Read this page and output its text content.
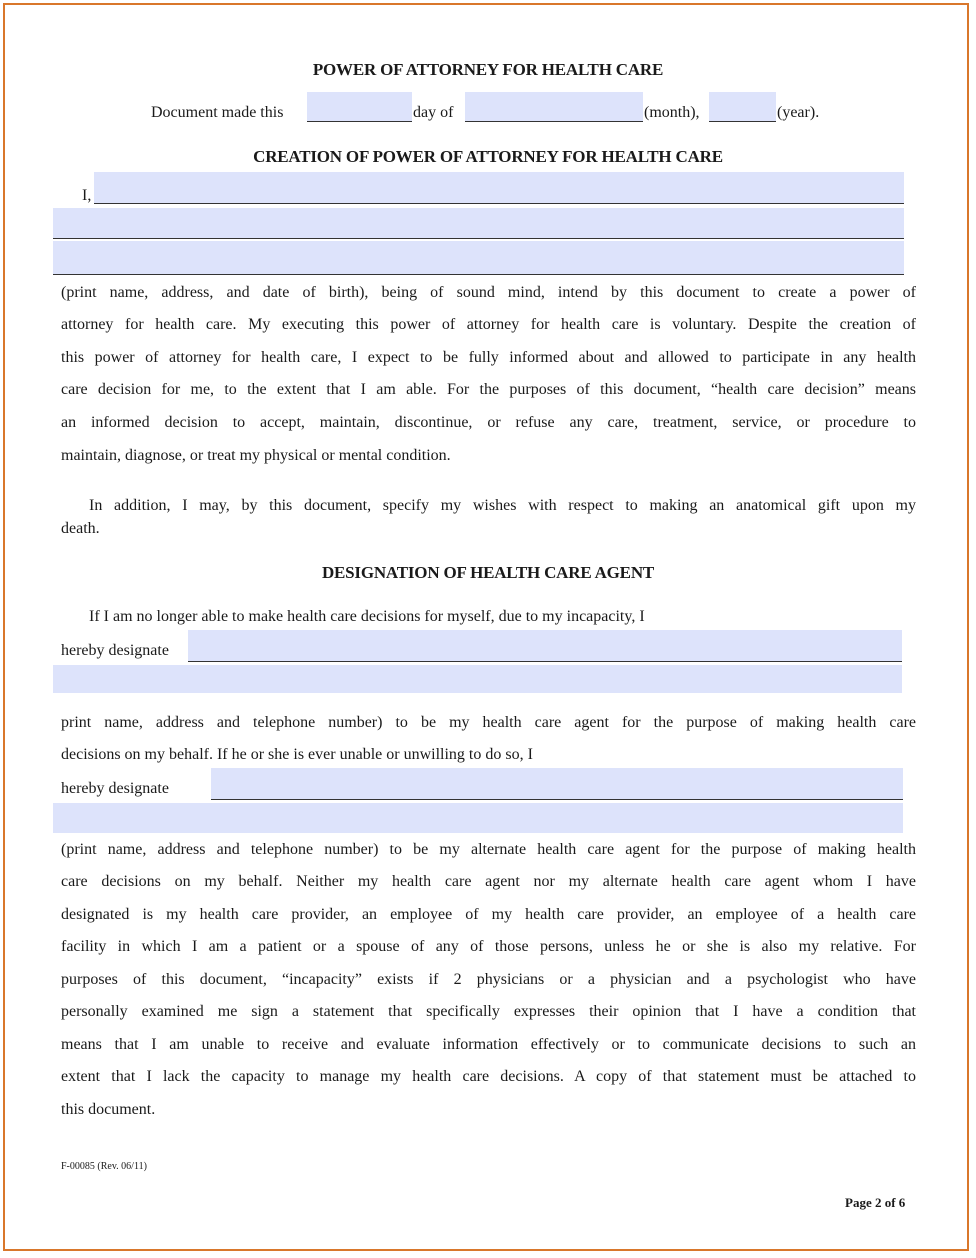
POWER OF ATTORNEY FOR HEALTH CARE
Document made this	day of	(month),	(year).
CREATION OF POWER OF ATTORNEY FOR HEALTH CARE
I,
(print name, address, and date of birth), being of sound mind, intend by this document to create a power of
attorney for health care. My executing this power of attorney for health care is voluntary. Despite the creation of
this power of attorney for health care, I expect to be fully informed about and allowed to participate in any health
care decision for me, to the extent that I am able. For the purposes of this document, “health care decision” means
an informed decision to accept, maintain, discontinue, or refuse any care, treatment, service, or procedure to
maintain, diagnose, or treat my physical or mental condition.
In addition, I may, by this document, specify my wishes with respect to making an anatomical gift upon my
death.
DESIGNATION OF HEALTH CARE AGENT
If I am no longer able to make health care decisions for myself, due to my incapacity, I
hereby designate
print name, address and telephone number) to be my health care agent for the purpose of making health care
decisions on my behalf. If he or she is ever unable or unwilling to do so, I
hereby designate
(print name, address and telephone number) to be my alternate health care agent for the purpose of making health
care decisions on my behalf. Neither my health care agent nor my alternate health care agent whom I have
designated is my health care provider, an employee of my health care provider, an employee of a health care
facility in which I am a patient or a spouse of any of those persons, unless he or she is also my relative. For
purposes of this document, “incapacity” exists if 2 physicians or a physician and a psychologist who have
personally examined me sign a statement that specifically expresses their opinion that I have a condition that
means that I am unable to receive and evaluate information effectively or to communicate decisions to such an
extent that I lack the capacity to manage my health care decisions. A copy of that statement must be attached to
this document.
F-00085 (Rev. 06/11)
Page 2 of 6
